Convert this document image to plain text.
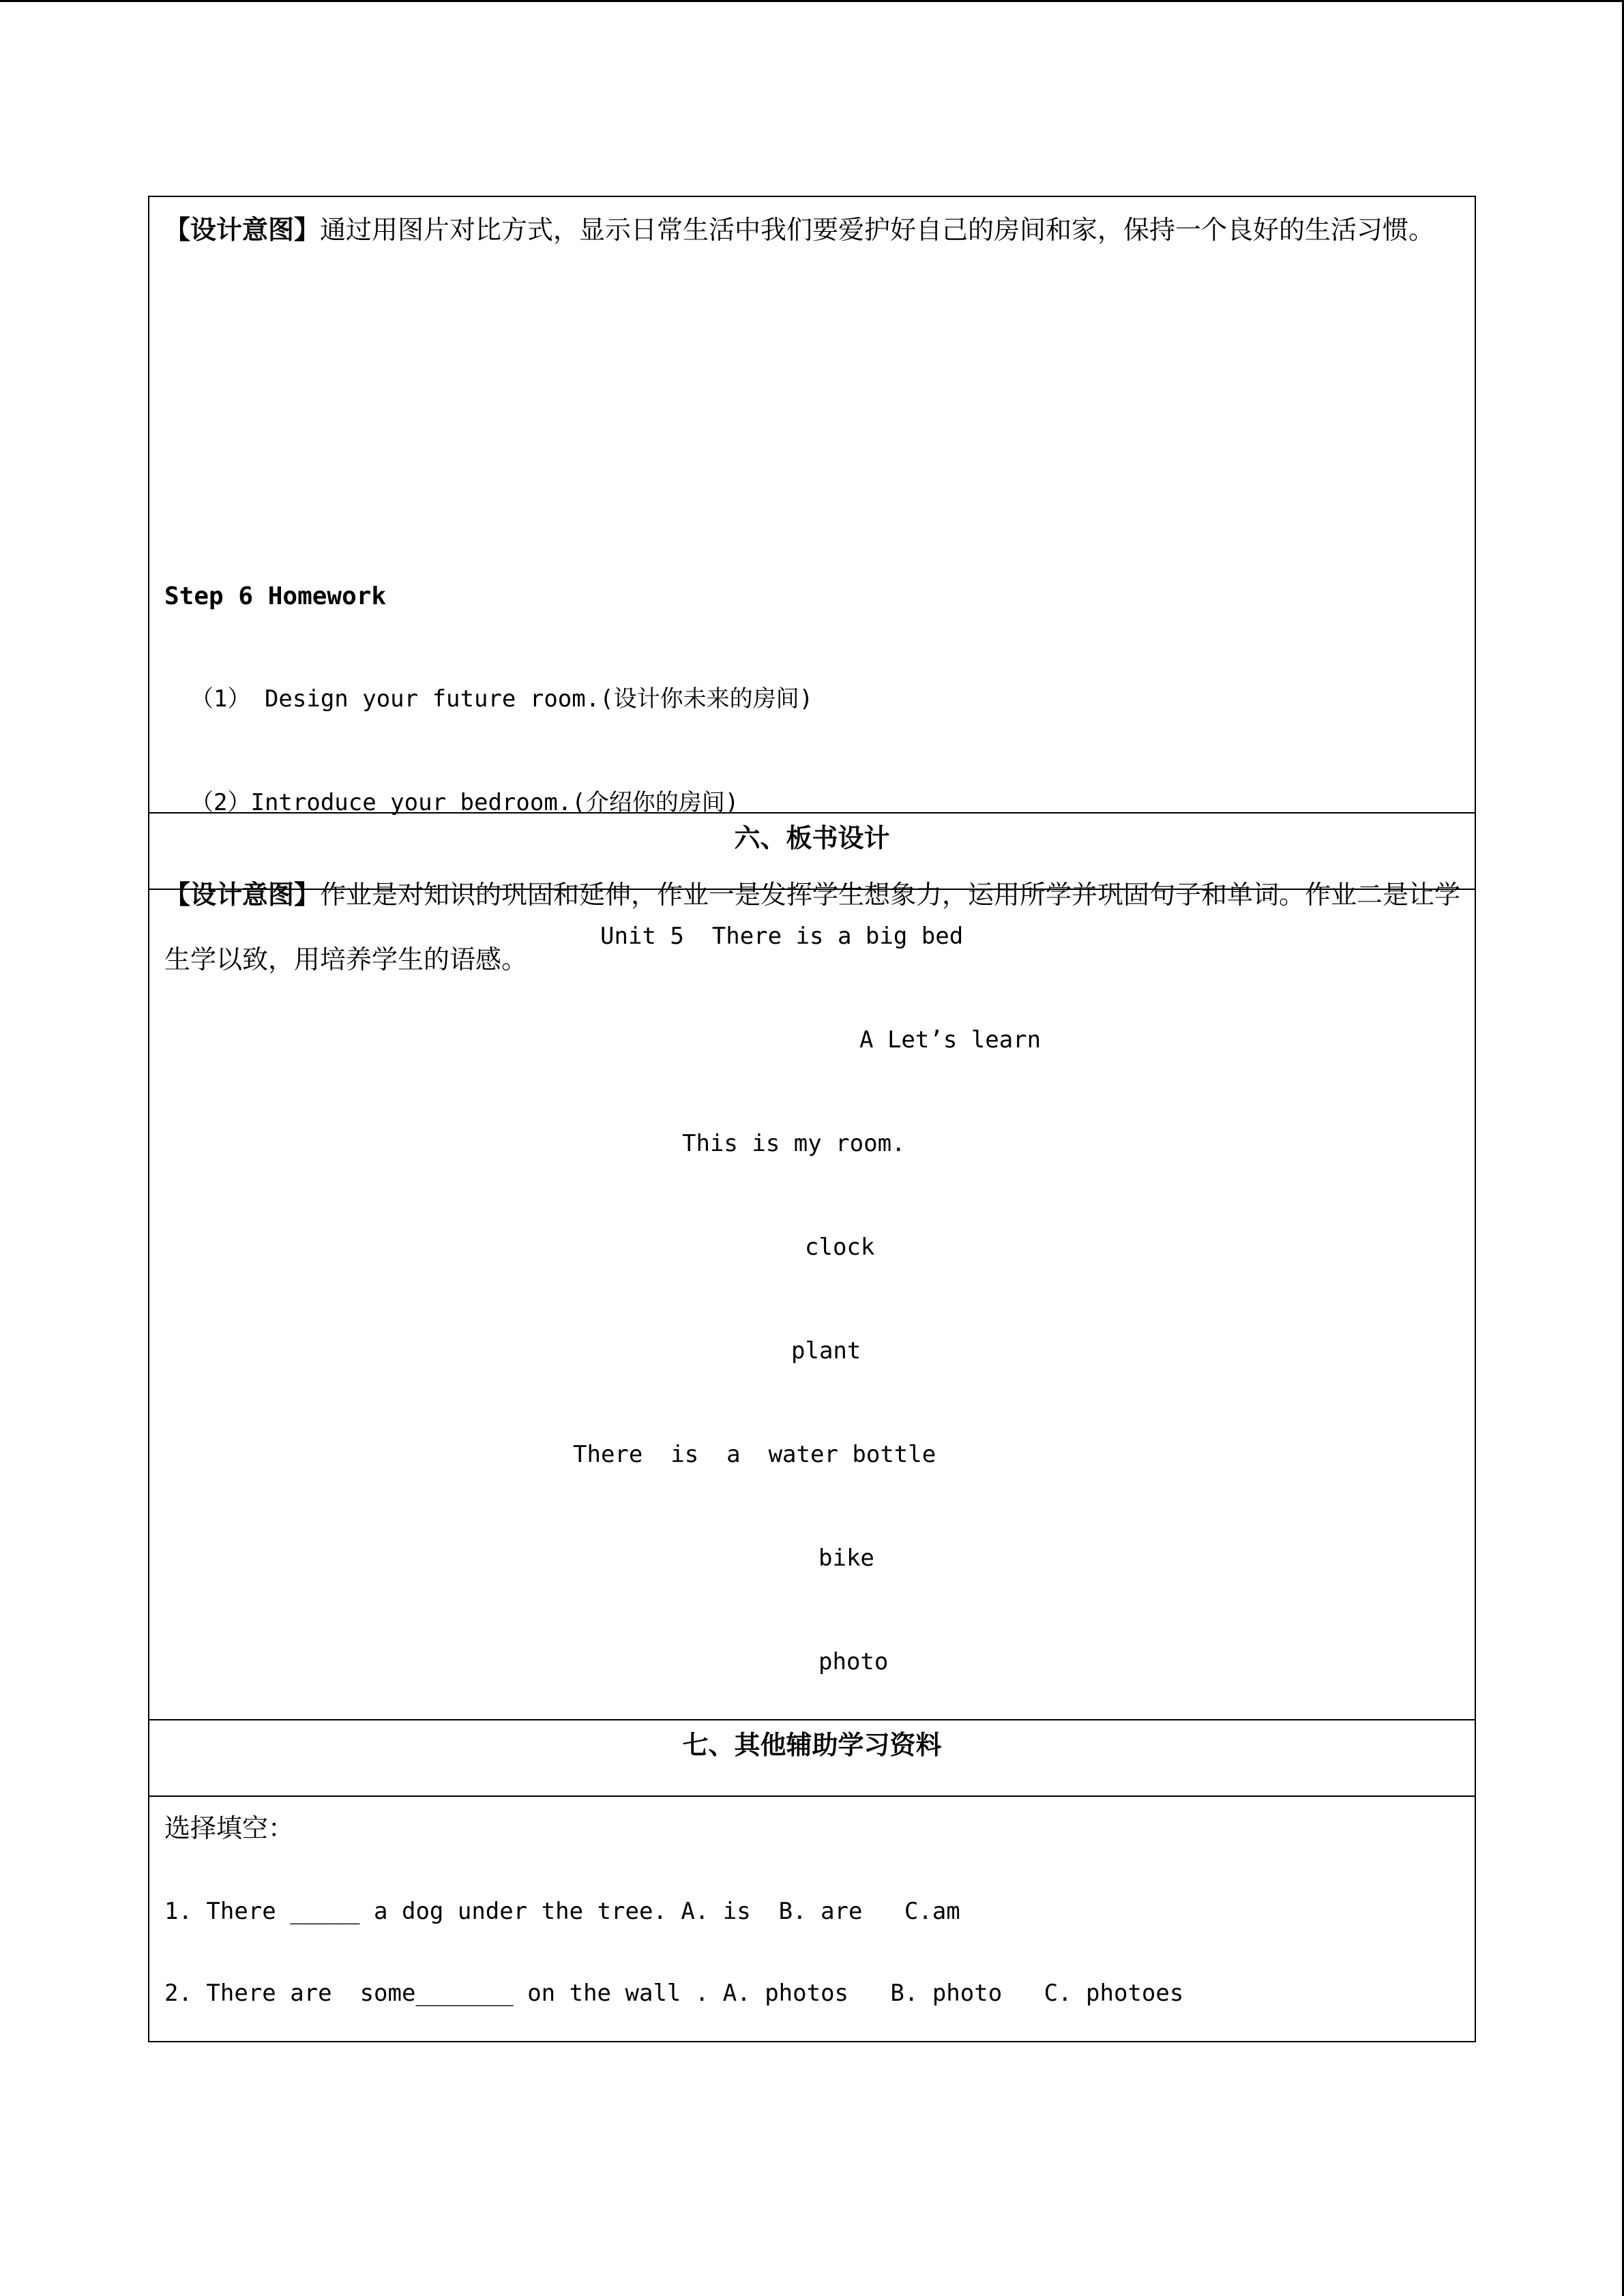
【设计意图】通过用图片对比方式，显示日常生活中我们要爱护好自己的房间和家，保持一个良好的生活习惯。
Step 6 Homework
（1） Design your future room.(设计你未来的房间)
（2）Introduce your bedroom.(介绍你的房间)
【设计意图】作业是对知识的巩固和延伸，作业一是发挥学生想象力，运用所学并巩固句子和单词。作业二是让学生学以致，用培养学生的语感。

六、板书设计

Unit 5  There is a big bed
A Let’s learn
This is my room.
clock
plant
There  is  a  water bottle
bike
photo

七、其他辅助学习资料

选择填空：
1. There _____ a dog under the tree. A. is  B. are   C.am
2. There are  some_______ on the wall . A. photos   B. photo   C. photoes
